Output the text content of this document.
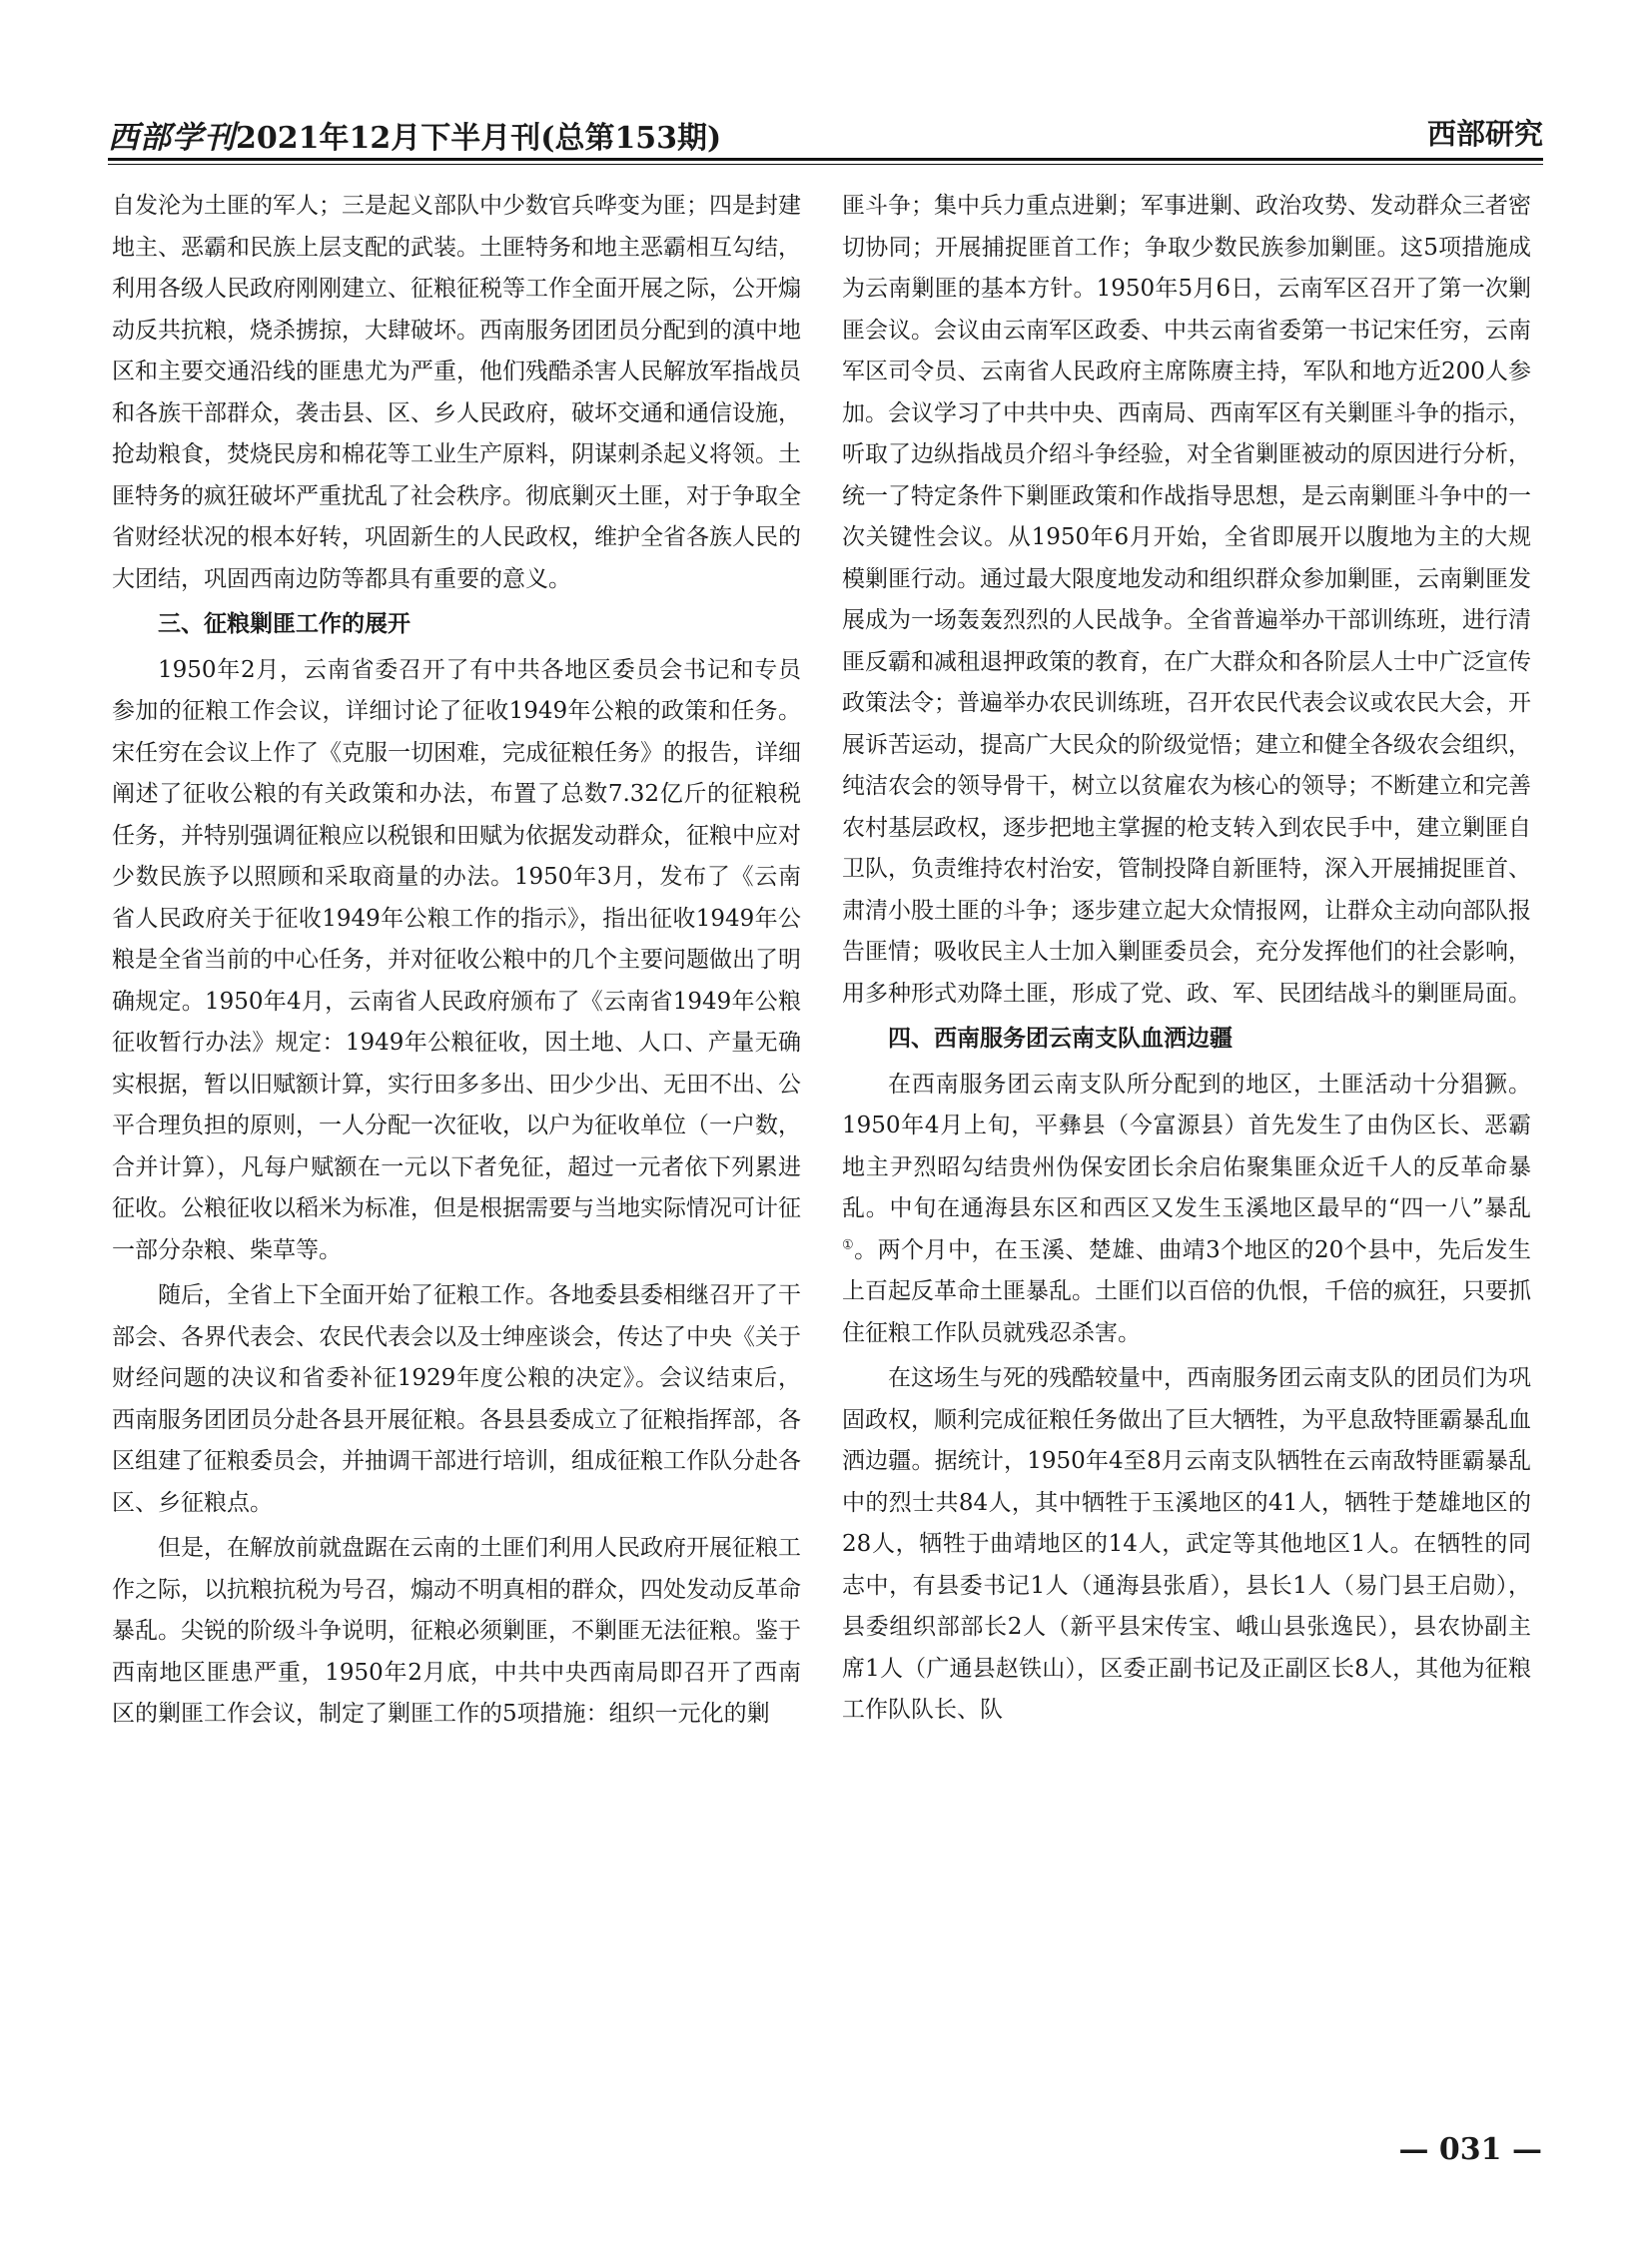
西部学刊2021年12月下半月刊(总第153期)	西部研究

自发沦为土匪的军人；三是起义部队中少数官兵哗变为匪；四是封建地主、恶霸和民族上层支配的武装。土匪特务和地主恶霸相互勾结，利用各级人民政府刚刚建立、征粮征税等工作全面开展之际，公开煽动反共抗粮，烧杀掳掠，大肆破坏。西南服务团团员分配到的滇中地区和主要交通沿线的匪患尤为严重，他们残酷杀害人民解放军指战员和各族干部群众，袭击县、区、乡人民政府，破坏交通和通信设施，抢劫粮食，焚烧民房和棉花等工业生产原料，阴谋刺杀起义将领。土匪特务的疯狂破坏严重扰乱了社会秩序。彻底剿灭土匪，对于争取全省财经状况的根本好转，巩固新生的人民政权，维护全省各族人民的大团结，巩固西南边防等都具有重要的意义。

三、征粮剿匪工作的展开

1950年2月，云南省委召开了有中共各地区委员会书记和专员参加的征粮工作会议，详细讨论了征收1949年公粮的政策和任务。宋任穷在会议上作了《克服一切困难，完成征粮任务》的报告，详细阐述了征收公粮的有关政策和办法，布置了总数7.32亿斤的征粮税任务，并特别强调征粮应以税银和田赋为依据发动群众，征粮中应对少数民族予以照顾和采取商量的办法。1950年3月，发布了《云南省人民政府关于征收1949年公粮工作的指示》，指出征收1949年公粮是全省当前的中心任务，并对征收公粮中的几个主要问题做出了明确规定。1950年4月，云南省人民政府颁布了《云南省1949年公粮征收暂行办法》规定：1949年公粮征收，因土地、人口、产量无确实根据，暂以旧赋额计算，实行田多多出、田少少出、无田不出、公平合理负担的原则，一人分配一次征收，以户为征收单位（一户数，合并计算），凡每户赋额在一元以下者免征，超过一元者依下列累进征收。公粮征收以稻米为标准，但是根据需要与当地实际情况可计征一部分杂粮、柴草等。

随后，全省上下全面开始了征粮工作。各地委县委相继召开了干部会、各界代表会、农民代表会以及士绅座谈会，传达了中央《关于财经问题的决议和省委补征1929年度公粮的决定》。会议结束后，西南服务团团员分赴各县开展征粮。各县县委成立了征粮指挥部，各区组建了征粮委员会，并抽调干部进行培训，组成征粮工作队分赴各区、乡征粮点。

但是，在解放前就盘踞在云南的土匪们利用人民政府开展征粮工作之际，以抗粮抗税为号召，煽动不明真相的群众，四处发动反革命暴乱。尖锐的阶级斗争说明，征粮必须剿匪，不剿匪无法征粮。鉴于西南地区匪患严重，1950年2月底，中共中央西南局即召开了西南区的剿匪工作会议，制定了剿匪工作的5项措施：组织一元化的剿

匪斗争；集中兵力重点进剿；军事进剿、政治攻势、发动群众三者密切协同；开展捕捉匪首工作；争取少数民族参加剿匪。这5项措施成为云南剿匪的基本方针。1950年5月6日，云南军区召开了第一次剿匪会议。会议由云南军区政委、中共云南省委第一书记宋任穷，云南军区司令员、云南省人民政府主席陈赓主持，军队和地方近200人参加。会议学习了中共中央、西南局、西南军区有关剿匪斗争的指示，听取了边纵指战员介绍斗争经验，对全省剿匪被动的原因进行分析，统一了特定条件下剿匪政策和作战指导思想，是云南剿匪斗争中的一次关键性会议。从1950年6月开始，全省即展开以腹地为主的大规模剿匪行动。通过最大限度地发动和组织群众参加剿匪，云南剿匪发展成为一场轰轰烈烈的人民战争。全省普遍举办干部训练班，进行清匪反霸和减租退押政策的教育，在广大群众和各阶层人士中广泛宣传政策法令；普遍举办农民训练班，召开农民代表会议或农民大会，开展诉苦运动，提高广大民众的阶级觉悟；建立和健全各级农会组织，纯洁农会的领导骨干，树立以贫雇农为核心的领导；不断建立和完善农村基层政权，逐步把地主掌握的枪支转入到农民手中，建立剿匪自卫队，负责维持农村治安，管制投降自新匪特，深入开展捕捉匪首、肃清小股土匪的斗争；逐步建立起大众情报网，让群众主动向部队报告匪情；吸收民主人士加入剿匪委员会，充分发挥他们的社会影响，用多种形式劝降土匪，形成了党、政、军、民团结战斗的剿匪局面。

四、西南服务团云南支队血洒边疆

在西南服务团云南支队所分配到的地区，土匪活动十分猖獗。1950年4月上旬，平彝县（今富源县）首先发生了由伪区长、恶霸地主尹烈昭勾结贵州伪保安团长余启佑聚集匪众近千人的反革命暴乱。中旬在通海县东区和西区又发生玉溪地区最早的“四一八”暴乱①。两个月中，在玉溪、楚雄、曲靖3个地区的20个县中，先后发生上百起反革命土匪暴乱。土匪们以百倍的仇恨，千倍的疯狂，只要抓住征粮工作队员就残忍杀害。

在这场生与死的残酷较量中，西南服务团云南支队的团员们为巩固政权，顺利完成征粮任务做出了巨大牺牲，为平息敌特匪霸暴乱血洒边疆。据统计，1950年4至8月云南支队牺牲在云南敌特匪霸暴乱中的烈士共84人，其中牺牲于玉溪地区的41人，牺牲于楚雄地区的28人，牺牲于曲靖地区的14人，武定等其他地区1人。在牺牲的同志中，有县委书记1人（通海县张盾），县长1人（易门县王启勋），县委组织部部长2人（新平县宋传宝、峨山县张逸民），县农协副主席1人（广通县赵铁山），区委正副书记及正副区长8人，其他为征粮工作队队长、队

— 031 —
